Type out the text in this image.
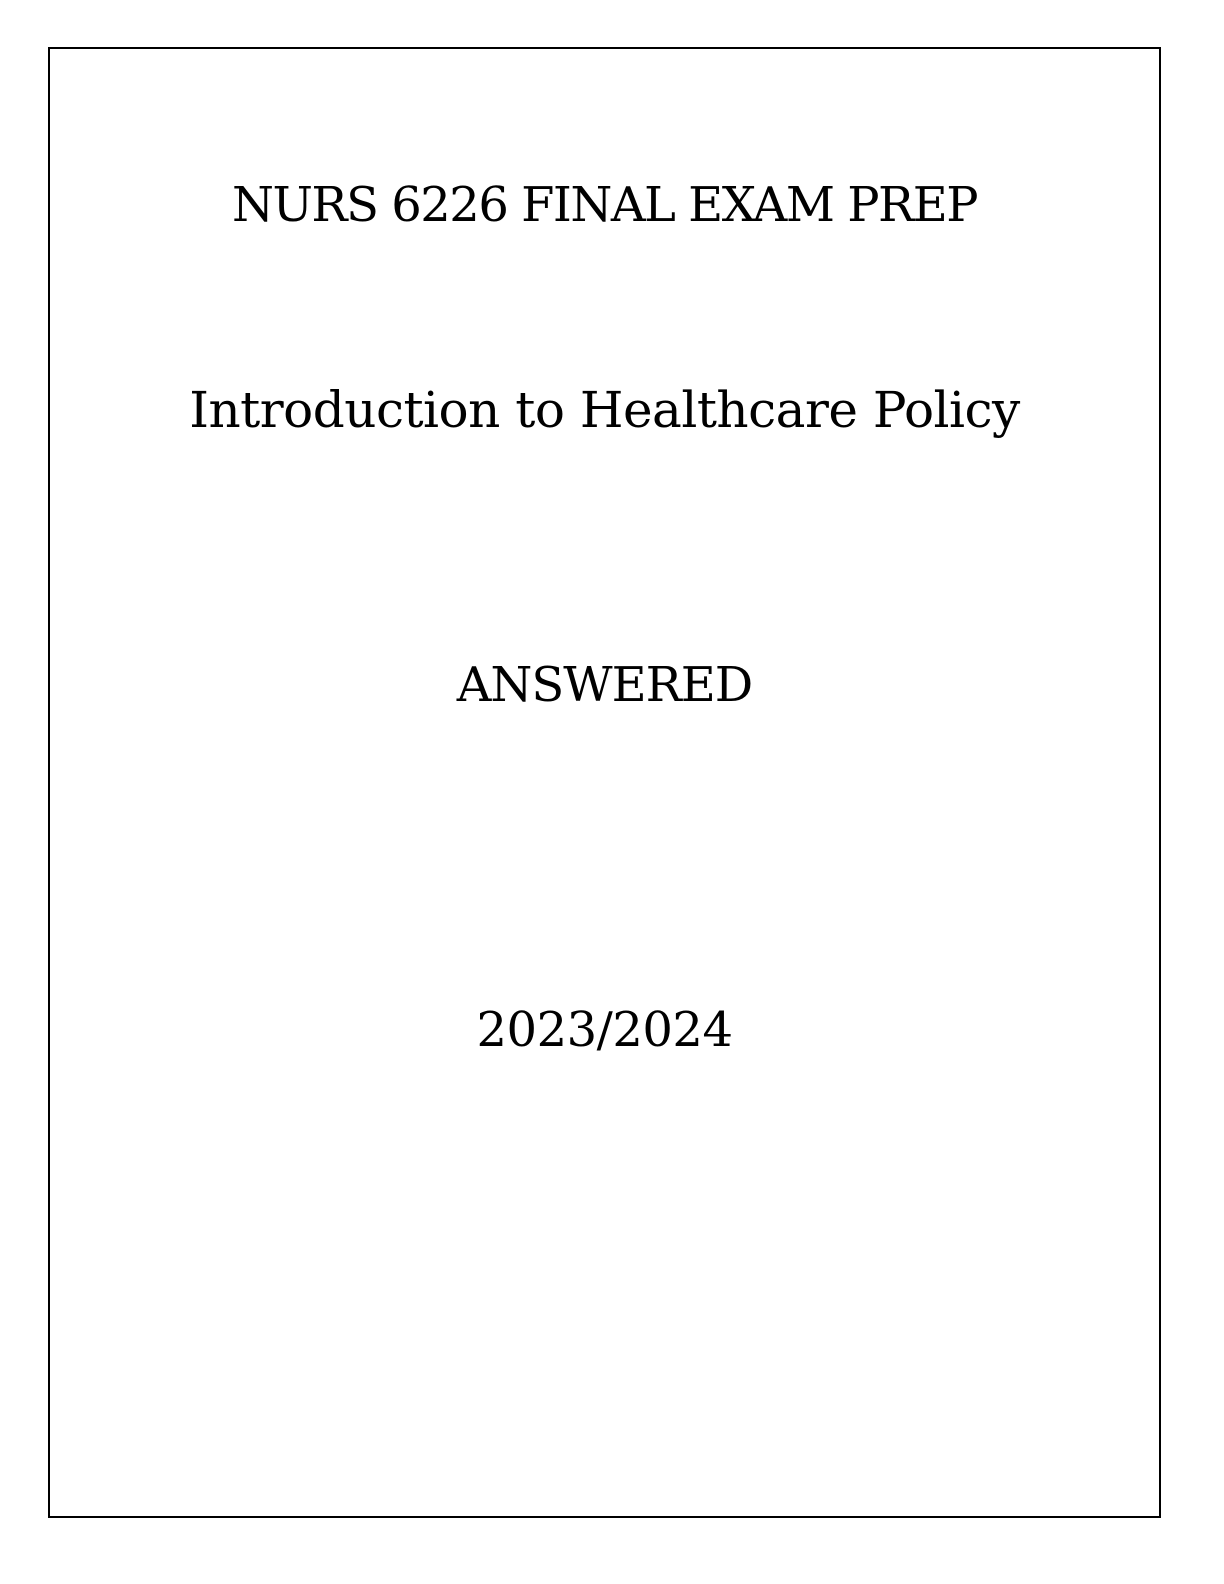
NURS 6226 FINAL EXAM PREP
Introduction to Healthcare Policy
ANSWERED
2023/2024
